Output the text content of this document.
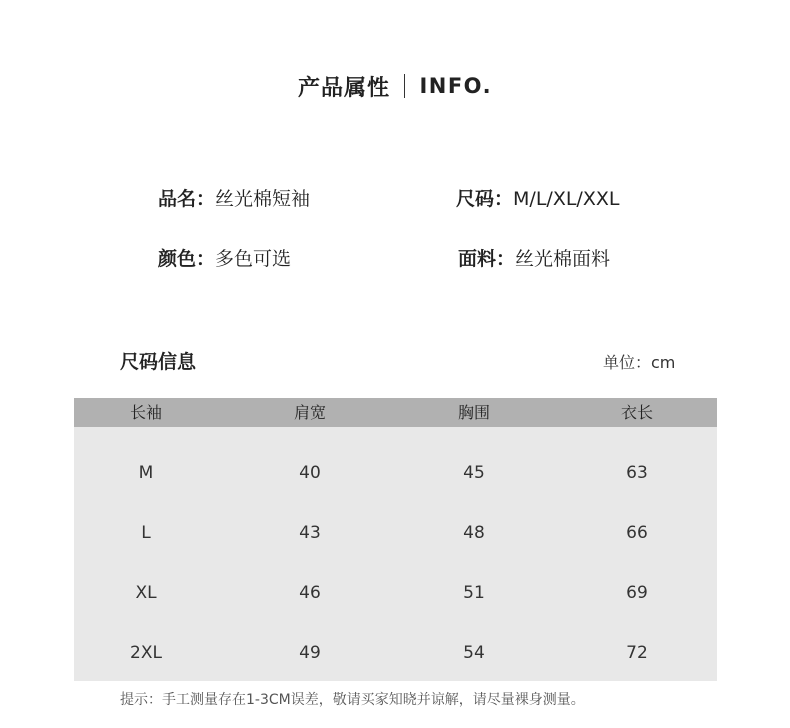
产品属性 INFO.
品名：丝光棉短袖	尺码：M/L/XL/XXL
颜色：多色可选	面料：丝光棉面料
尺码信息	单位：cm
长袖	肩宽	胸围	衣长
M	40	45	63
L	43	48	66
XL	46	51	69
2XL	49	54	72
提示：手工测量存在1-3CM误差，敬请买家知晓并谅解，请尽量裸身测量。
